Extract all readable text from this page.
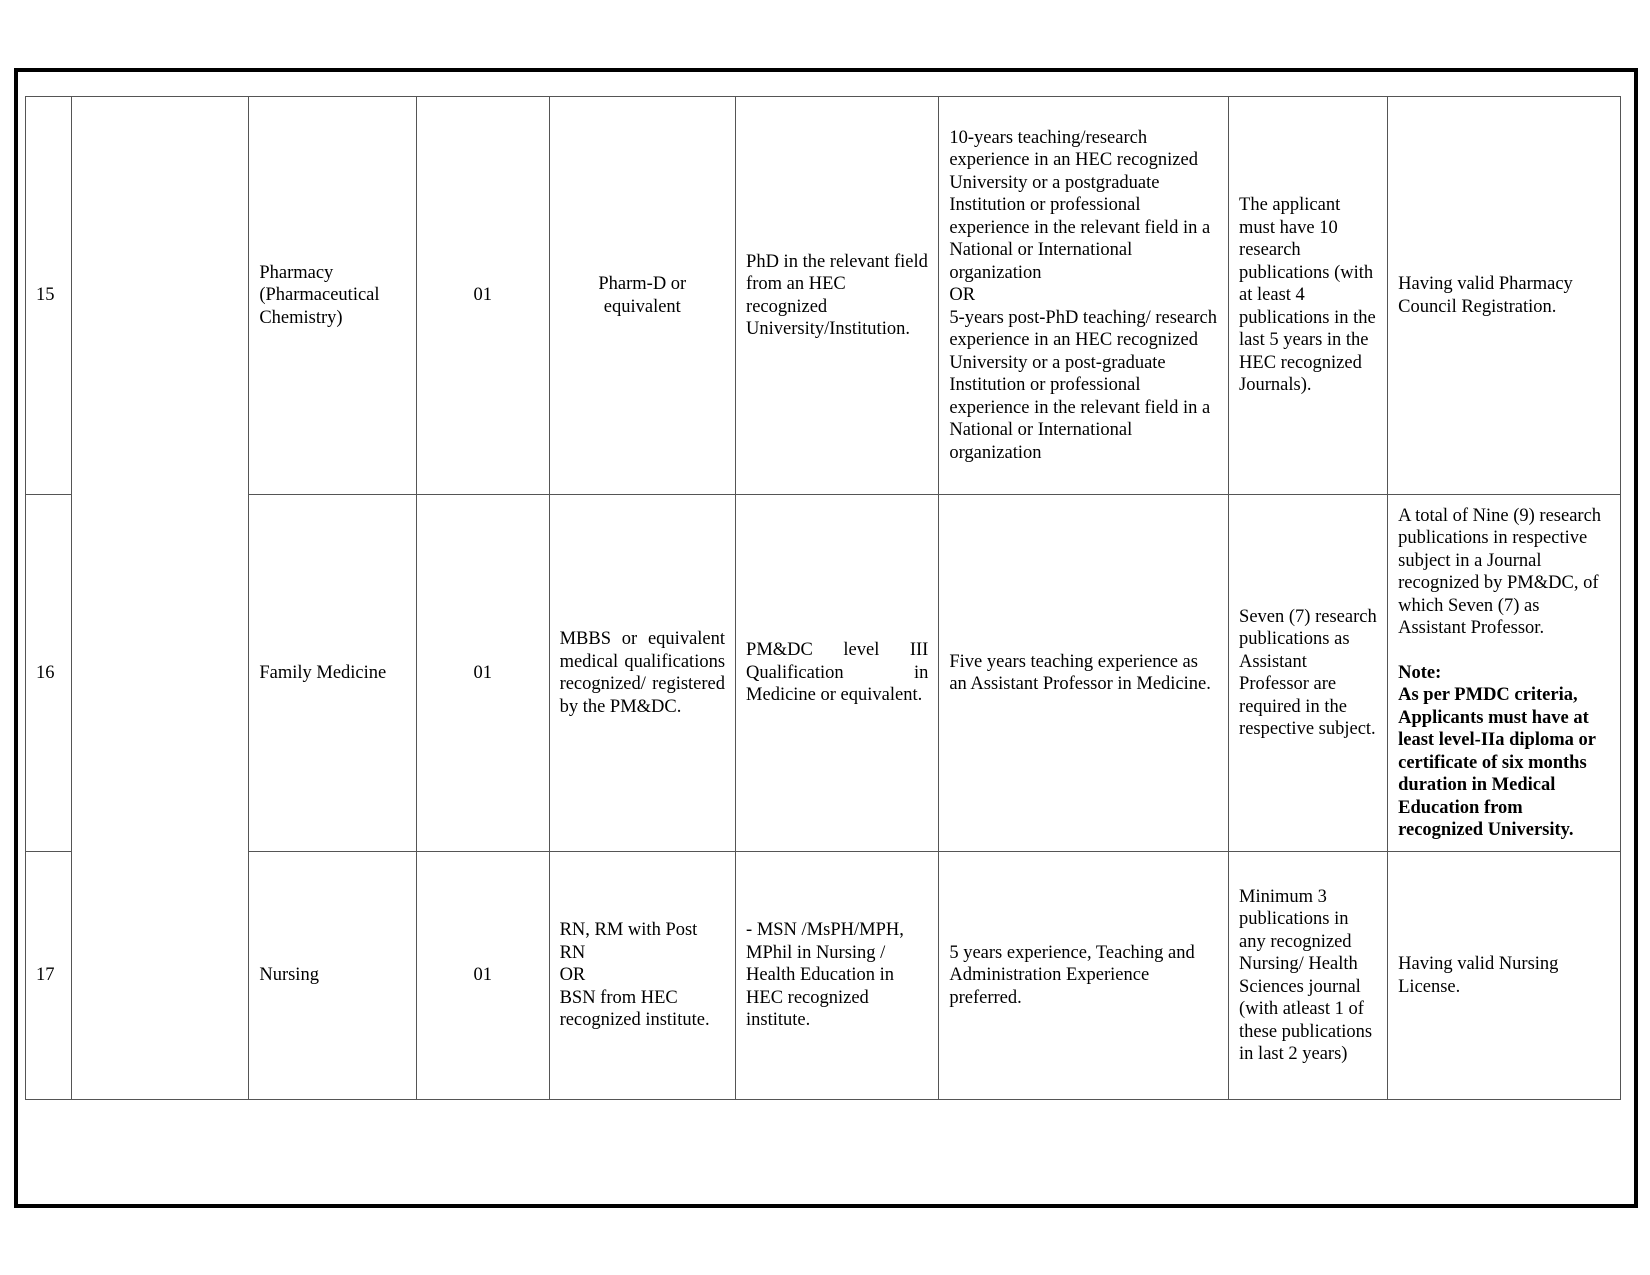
15		Pharmacy (Pharmaceutical Chemistry)	01	Pharm-D or equivalent	PhD in the relevant field from an HEC recognized University/Institution.	10-years teaching/research experience in an HEC recognized University or a postgraduate Institution or professional experience in the relevant field in a National or International organization
OR
5-years post-PhD teaching/ research experience in an HEC recognized University or a post-graduate Institution or professional experience in the relevant field in a National or International organization	The applicant must have 10 research publications (with at least 4 publications in the last 5 years in the HEC recognized Journals).	Having valid Pharmacy Council Registration.
16		Family Medicine	01	MBBS or equivalent medical qualifications recognized/ registered by the PM&DC.	PM&DC level III Qualification in Medicine or equivalent.	Five years teaching experience as an Assistant Professor in Medicine.	Seven (7) research publications as Assistant Professor are required in the respective subject.	A total of Nine (9) research publications in respective subject in a Journal recognized by PM&DC, of which Seven (7) as Assistant Professor.
Note:
As per PMDC criteria, Applicants must have at least level-IIa diploma or certificate of six months duration in Medical Education from recognized University.

17		Nursing	01	RN, RM with Post RN
OR
BSN from HEC recognized institute.	- MSN /MsPH/MPH, MPhil in Nursing / Health Education in HEC recognized institute.	5 years experience, Teaching and Administration Experience preferred.	Minimum 3 publications in any recognized Nursing/ Health Sciences journal (with atleast 1 of these publications in last 2 years)	Having valid Nursing License.
